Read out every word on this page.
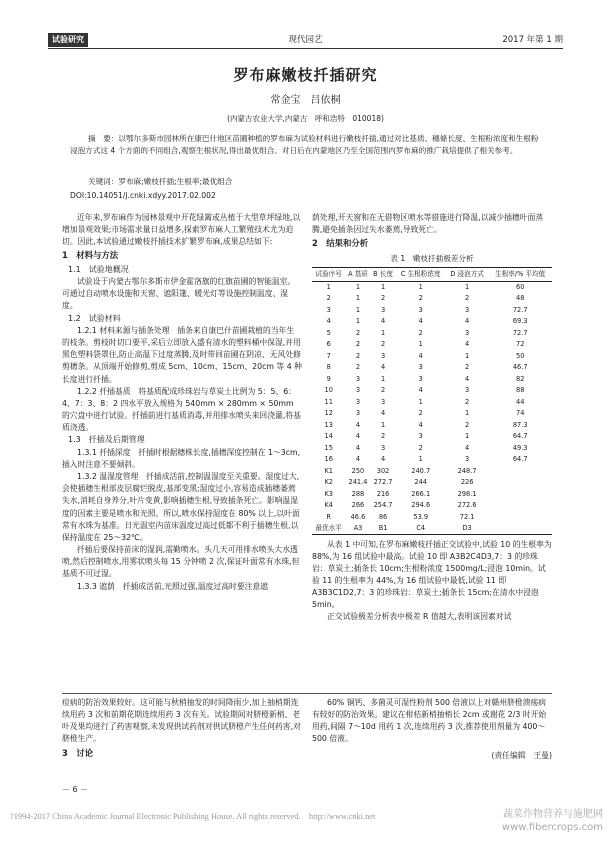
试验研究	现代园艺	2017 年第 1 期
罗布麻嫩枝扦插研究
常金宝　吕依桐
(内蒙古农业大学,内蒙古　呼和浩特　010018)

摘　要：以鄂尔多斯市园林所在康巴什地区苗圃种植的罗布麻为试验材料进行嫩枝扦插,通过对比基质、穗條长度、生根粉浓度和生根粉浸泡方式这 4 个方面的不同组合,观察生根状况,得出最优组合。对日后在内蒙地区乃至全国范围内罗布麻的推广栽培提供了相关参考。

关键词：罗布麻;嫩枝扦插;生根率;最优组合
DOI:10.14051/j.cnki.xdyy.2017.02.002

近年来,罗布麻作为园林景观中开花绿篱或丛植于大型草坪绿地,以增加景观效果;市场需求量日益增多,探索罗布麻人工繁殖技术尤为迫切。因此,本试验通过嫩枝扦插技术扩繁罗布麻,成果总结如下:

1　材料与方法
1.1　试验地概况

试验设于内蒙古鄂尔多斯市伊金霍洛旗的红旗苗圃的智能温室。可通过自动喷水设施和天窗、遮阳篷、暖光灯等设施控制温度、湿度。

1.2　试验材料

1.2.1 材料来源与插条处理　插条来自康巴什苗圃栽植的当年生的枝条。剪枝时切口要平,采后立即放入盛有清水的塑料桶中保湿,并用黑色塑料袋罩住,防止高温下过度蒸腾,及时带回苗圃在阴凉、无风处修剪穗条。从顶端开始修剪,剪成 5cm、10cm、15cm、20cm 等 4 种长度进行扦插。

1.2.2 扦插基质　将基质配成珍珠岩与草炭土比例为 5：5、6：4、7：3、8：2 四水平放入规格为 540mm × 280mm × 50mm 的穴盘中进行试验。扦插前进行基质消毒,并用排水喷头来回浇灌,将基质浇透。

1.3　扦插及后期管理

1.3.1 扦插深度　扦插时根据穗株长度,插穗深度控制在 1～3cm,插入时注意不要倾斜。

1.3.2 温湿度管理　扦插成活前,控制温湿度至关重要。湿度过大,会使插穗生根部皮层腐烂脱皮,基部变黑;湿度过小,容易造成插穗萎蔫失水,消耗自身养分,叶片变黄,影响插穗生根,导致插条死亡。影响温湿度的因素主要是喷水和光照。所以,喷水保持湿度在 80% 以上,以叶面常有水珠为基准。日光温室内苗床温度过高过低都不利于插穗生根,以保持温度在 25～32℃。

扦插后要保持苗床的湿润,需勤喷水。头几天可用排水喷头大水透喷,然后控制喷水,用雾状喷头每 15 分钟喷 2 次,保证叶面常有水珠,但基质不可过湿。

1.3.3 遮荫　扦插成活前,光照过强,温度过高时要注意遮

荫处理,开天窗和在无借物区喷水等措施进行降温,以减少插穗叶面蒸腾,避免插条因过失水萎蔫,导致死亡。

2　结果和分析
表 1　嫩枝扦插极差分析
试验序号	A 基质	B 长度	C 生根粉浓度	D 浸泡方式	生根率/% 平均值
1	1	1	1	1	60
2	1	2	2	2	48
3	1	3	3	3	72.7
4	1	4	4	4	69.3
5	2	1	2	3	72.7
6	2	2	1	4	72
7	2	3	4	1	50
8	2	4	3	2	46.7
9	3	1	3	4	82
10	3	2	4	3	88
11	3	3	1	2	44
12	3	4	2	1	74
13	4	1	4	2	87.3
14	4	2	3	1	64.7
15	4	3	2	4	49.3
16	4	4	1	3	64.7
K1	250	302	240.7	248.7	
K2	241.4	272.7	244	226	
K3	288	216	266.1	298.1	
K4	266	254.7	294.6	272.6	
R	46.6	86	53.9	72.1	
最优水平	A3	B1	C4	D3	

从表 1 中可知,在罗布麻嫩枝扦插正交试验中,试验 10 的生根率为 88%,为 16 组试验中最高。试验 10 即 A3B2C4D3,7：3 的珍珠岩：草炭土;插条长 10cm;生根粉浓度 1500mg/L;浸泡 10min。试验 11 的生根率为 44%,为 16 组试验中最低,试验 11 即 A3B3C1D2,7：3 的珍珠岩：草炭土;插条长 15cm;在清水中浸泡 5min。

正交试验极差分析表中极差 R 值越大,表明该因素对试

痘病的防治效果较好。这可能与秋梢抽发的时间降雨少,加上抽梢期连续用药 3 次和前期花期连续用药 3 次有关。试验期间对脐橙新梢、老叶及果均进行了药害观察,未发现供试药剂对供试脐橙产生任何药害,对脐橙生产。

3　讨论

60% 铜钙、多菌灵可湿性粉剂 500 倍液以上对赣州脐橙溃疡病有较好的防治效果。建议在柑桔新梢抽梢长 2cm 或谢花 2/3 时开始用药,间隔 7～10d 用药 1 次,连续用药 3 次,推荐使用剂量为 400～500 倍液。

(责任编辑　王曼)
－ 6 －
?1994-2017 China Academic Journal Electronic Publishing House. All rights reserved.　http://www.cnki.net	蔬菜作物营养与施肥网
www.fibercrops.com
